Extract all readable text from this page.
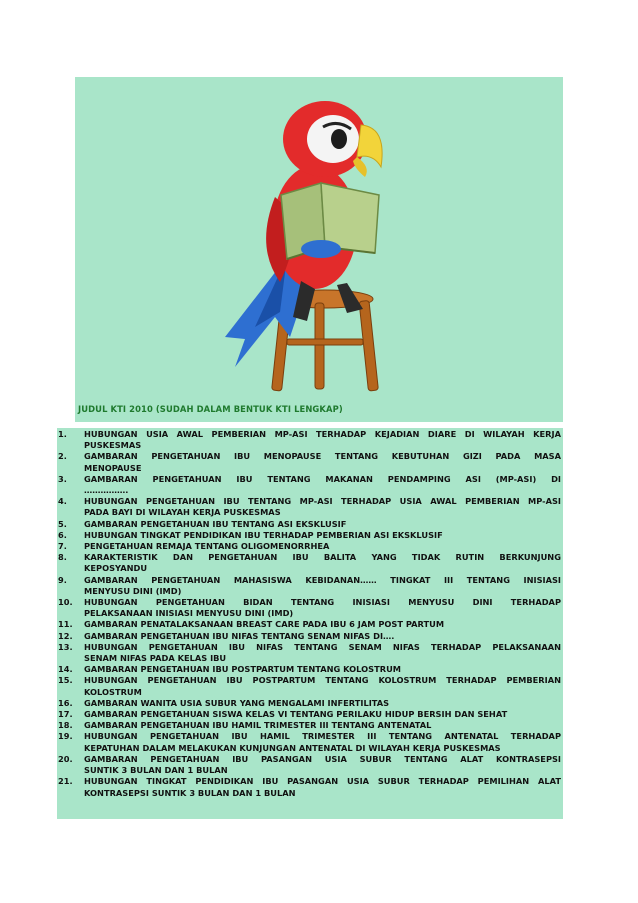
JUDUL KTI 2010 (SUDAH DALAM BENTUK KTI LENGKAP)
1.	HUBUNGAN USIA AWAL PEMBERIAN MP-ASI TERHADAP KEJADIAN DIARE DI WILAYAH KERJA
PUSKESMAS
2.	GAMBARAN PENGETAHUAN IBU MENOPAUSE TENTANG KEBUTUHAN GIZI PADA MASA
MENOPAUSE
3.	GAMBARAN PENGETAHUAN IBU TENTANG MAKANAN PENDAMPING ASI (MP-ASI) DI
…………….
4.	HUBUNGAN PENGETAHUAN IBU TENTANG MP-ASI TERHADAP USIA AWAL PEMBERIAN MP-ASI
PADA BAYI DI WILAYAH KERJA PUSKESMAS
5.	GAMBARAN PENGETAHUAN IBU TENTANG ASI EKSKLUSIF
6.	HUBUNGAN TINGKAT PENDIDIKAN IBU TERHADAP PEMBERIAN ASI EKSKLUSIF
7.	PENGETAHUAN REMAJA TENTANG OLIGOMENORRHEA
8.	KARAKTERISTIK DAN PENGETAHUAN IBU BALITA YANG TIDAK RUTIN BERKUNJUNG
KEPOSYANDU
9.	GAMBARAN PENGETAHUAN MAHASISWA KEBIDANAN…… TINGKAT III TENTANG INISIASI
MENYUSU DINI (IMD)
10.	HUBUNGAN PENGETAHUAN BIDAN TENTANG INISIASI MENYUSU DINI TERHADAP
PELAKSANAAN INISIASI MENYUSU DINI (IMD)
11.	GAMBARAN PENATALAKSANAAN BREAST CARE PADA IBU 6 JAM POST PARTUM
12.	GAMBARAN PENGETAHUAN IBU NIFAS TENTANG SENAM NIFAS DI….
13.	HUBUNGAN PENGETAHUAN IBU NIFAS TENTANG SENAM NIFAS TERHADAP PELAKSANAAN
SENAM NIFAS PADA KELAS IBU
14.	GAMBARAN PENGETAHUAN IBU POSTPARTUM TENTANG KOLOSTRUM
15.	HUBUNGAN PENGETAHUAN IBU POSTPARTUM TENTANG KOLOSTRUM TERHADAP PEMBERIAN
KOLOSTRUM
16.	GAMBARAN WANITA USIA SUBUR YANG MENGALAMI INFERTILITAS
17.	GAMBARAN PENGETAHUAN SISWA KELAS VI TENTANG PERILAKU HIDUP BERSIH DAN SEHAT
18.	GAMBARAN PENGETAHUAN IBU HAMIL TRIMESTER III TENTANG ANTENATAL
19.	HUBUNGAN PENGETAHUAN IBU HAMIL TRIMESTER III TENTANG ANTENATAL TERHADAP
KEPATUHAN DALAM MELAKUKAN KUNJUNGAN ANTENATAL DI WILAYAH KERJA PUSKESMAS
20.	GAMBARAN PENGETAHUAN IBU PASANGAN USIA SUBUR TENTANG ALAT KONTRASEPSI
SUNTIK 3 BULAN DAN 1 BULAN
21.	HUBUNGAN TINGKAT PENDIDIKAN IBU PASANGAN USIA SUBUR TERHADAP PEMILIHAN ALAT
KONTRASEPSI SUNTIK 3 BULAN DAN 1 BULAN
